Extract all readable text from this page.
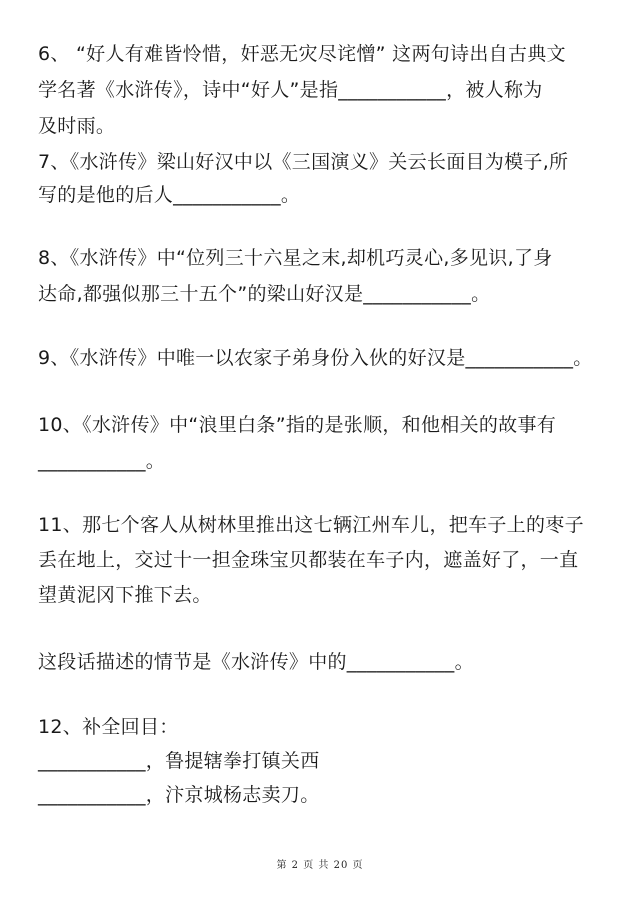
6、 “好人有难皆怜惜，奸恶无灾尽诧憎” 这两句诗出自古典文
学名著《水浒传》，诗中“好人”是指___________，被人称为
及时雨。
7、《水浒传》梁山好汉中以《三国演义》关云长面目为模子,所
写的是他的后人___________。
8、《水浒传》中“位列三十六星之末,却机巧灵心,多见识,了身
达命,都强似那三十五个”的梁山好汉是___________。
9、《水浒传》中唯一以农家子弟身份入伙的好汉是___________。
10、《水浒传》中“浪里白条”指的是张顺，和他相关的故事有
___________。
11、那七个客人从树林里推出这七辆江州车儿，把车子上的枣子
丢在地上，交过十一担金珠宝贝都装在车子内，遮盖好了，一直
望黄泥冈下推下去。
这段话描述的情节是《水浒传》中的___________。
12、补全回目：
___________，鲁提辖拳打镇关西
___________，汴京城杨志卖刀。
第 2 页 共 20 页
